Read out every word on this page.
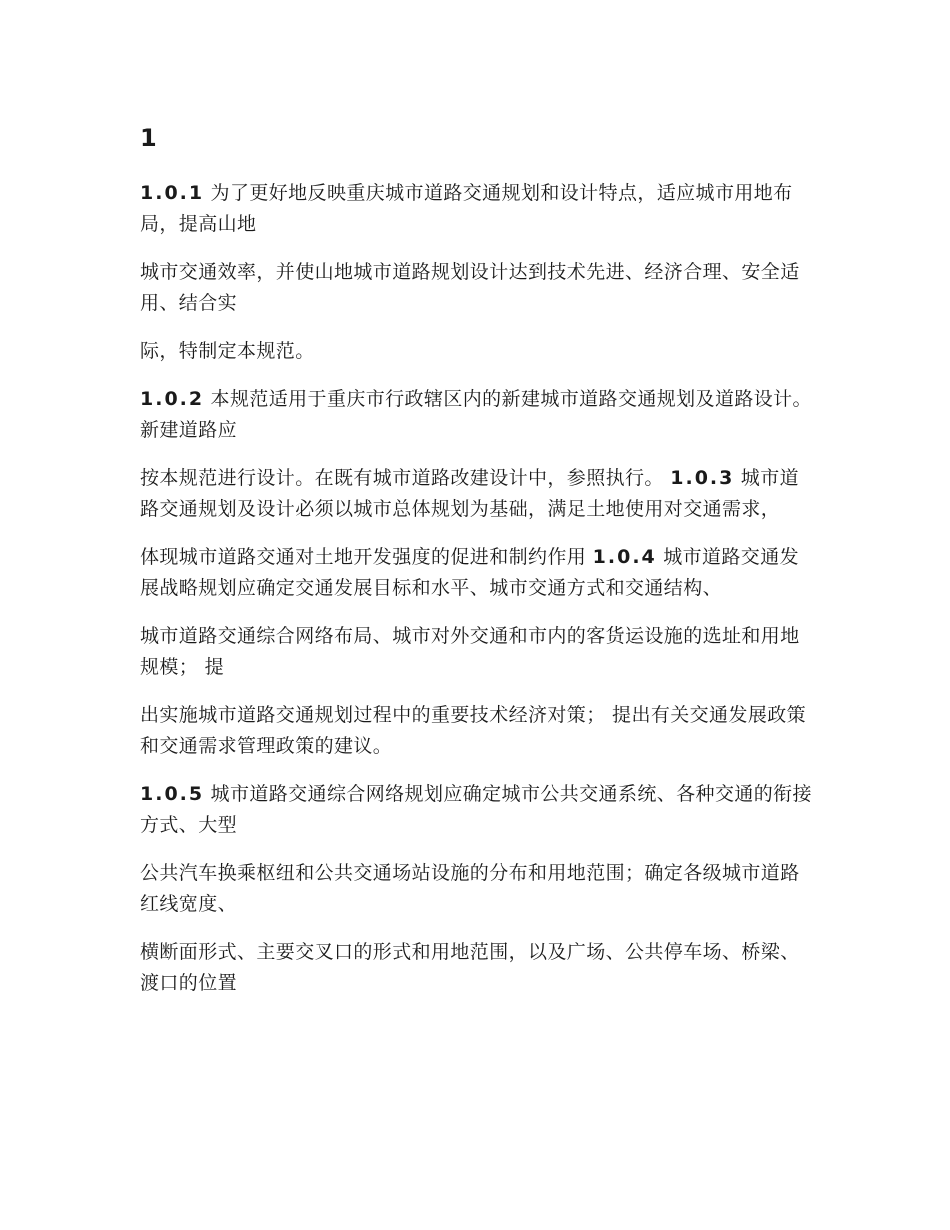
1

1.0.1 为了更好地反映重庆城市道路交通规划和设计特点，适应城市用地布局，提高山地

城市交通效率，并使山地城市道路规划设计达到技术先进、经济合理、安全适用、结合实

际，特制定本规范。

1.0.2 本规范适用于重庆市行政辖区内的新建城市道路交通规划及道路设计。新建道路应

按本规范进行设计。在既有城市道路改建设计中，参照执行。 1.0.3 城市道路交通规划及设计必须以城市总体规划为基础，满足土地使用对交通需求，

体现城市道路交通对土地开发强度的促进和制约作用 1.0.4 城市道路交通发展战略规划应确定交通发展目标和水平、城市交通方式和交通结构、

城市道路交通综合网络布局、城市对外交通和市内的客货运设施的选址和用地规模； 提

出实施城市道路交通规划过程中的重要技术经济对策； 提出有关交通发展政策和交通需求管理政策的建议。

1.0.5 城市道路交通综合网络规划应确定城市公共交通系统、各种交通的衔接方式、大型

公共汽车换乘枢纽和公共交通场站设施的分布和用地范围；确定各级城市道路红线宽度、

横断面形式、主要交叉口的形式和用地范围，以及广场、公共停车场、桥梁、渡口的位置
